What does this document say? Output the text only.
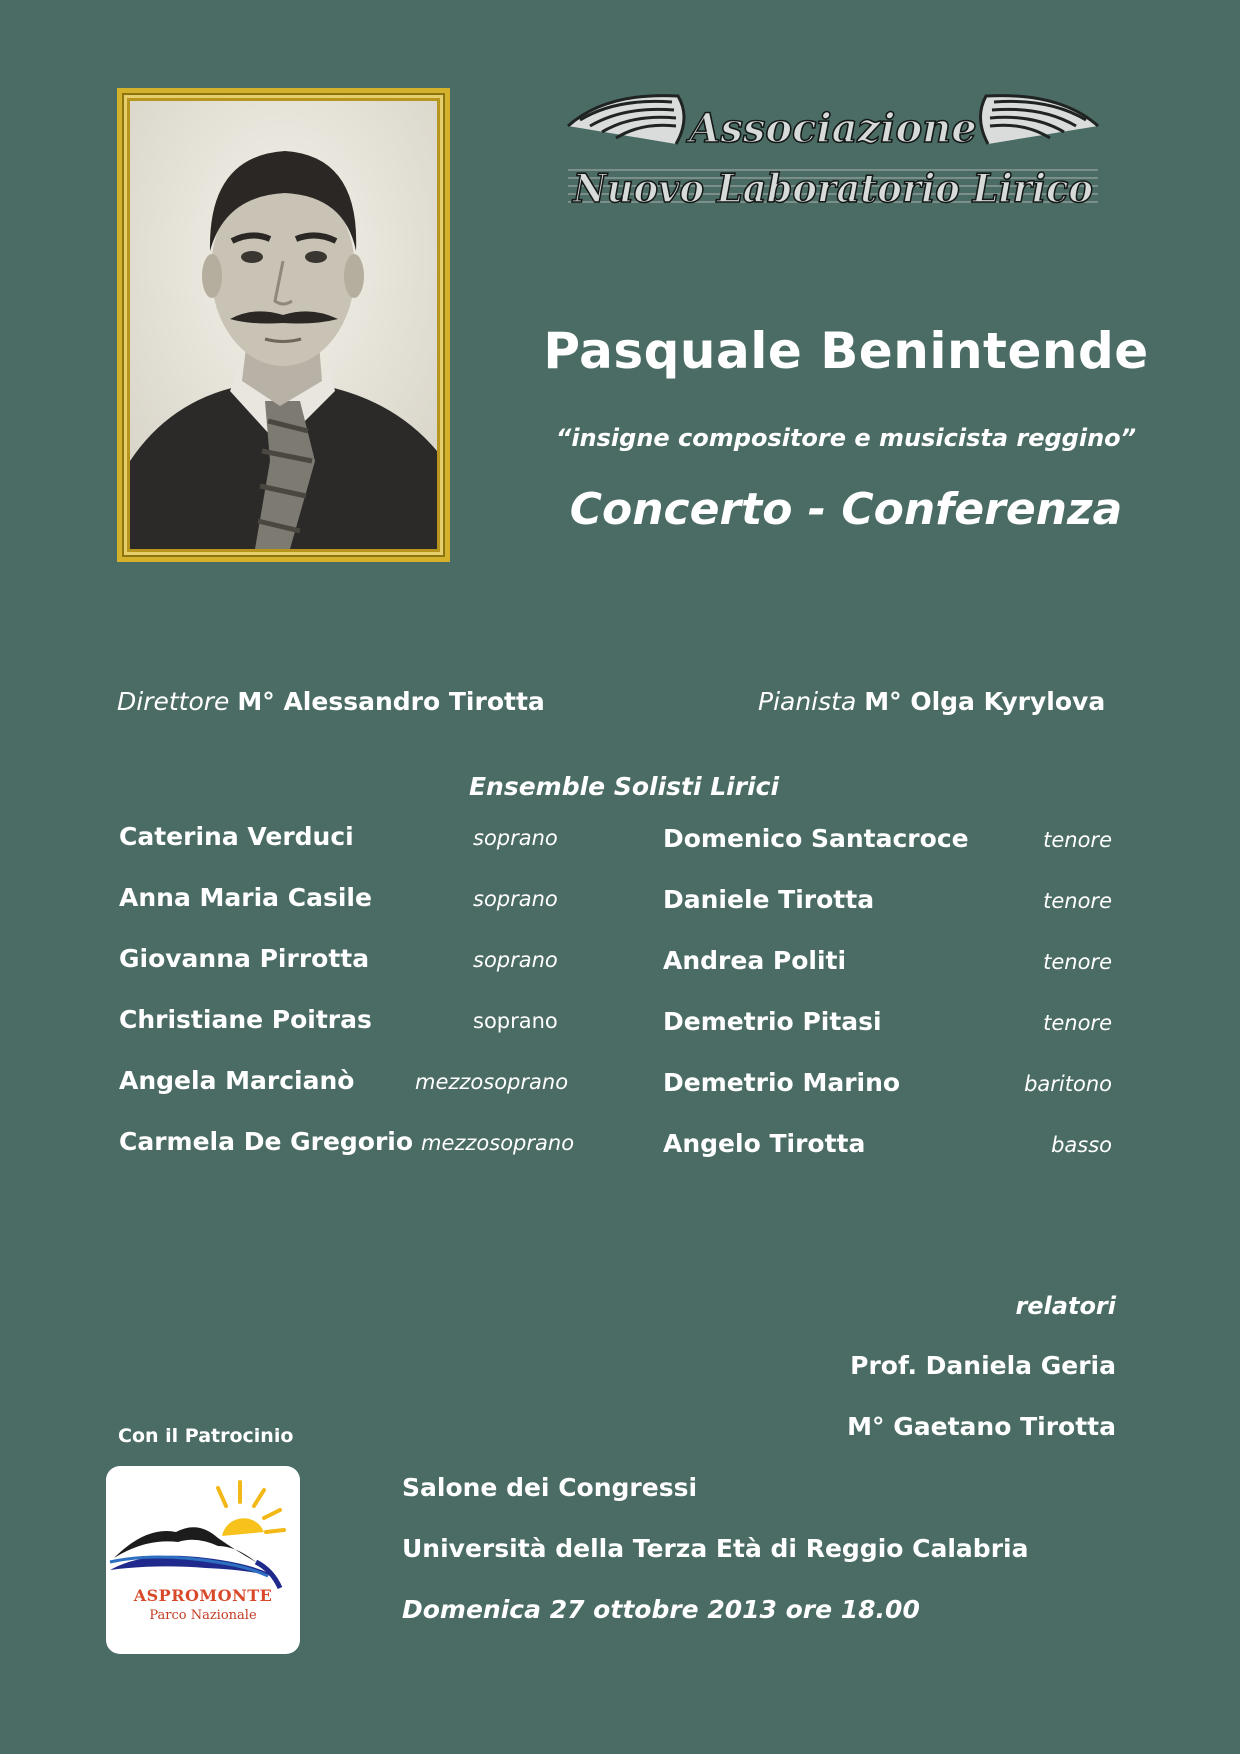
Associazione
Nuovo Laboratorio Lirico
Pasquale Benintende
“insigne compositore e musicista reggino”
Concerto - Conferenza
Direttore M° Alessandro Tirotta	Pianista M° Olga Kyrylova
Ensemble Solisti Lirici
Caterina Verduci	soprano
Anna Maria Casile	soprano
Giovanna Pirrotta	soprano
Christiane Poitras	soprano
Angela Marcianò	mezzosoprano
Carmela De Gregorio mezzosoprano
Domenico Santacroce	tenore
Daniele Tirotta	tenore
Andrea Politi	tenore
Demetrio Pitasi	tenore
Demetrio Marino	baritono
Angelo Tirotta	basso
relatori
Prof. Daniela Geria
M° Gaetano Tirotta
Con il Patrocinio
ASPROMONTE
Parco Nazionale
Salone dei Congressi
Università della Terza Età di Reggio Calabria
Domenica 27 ottobre 2013 ore 18.00
